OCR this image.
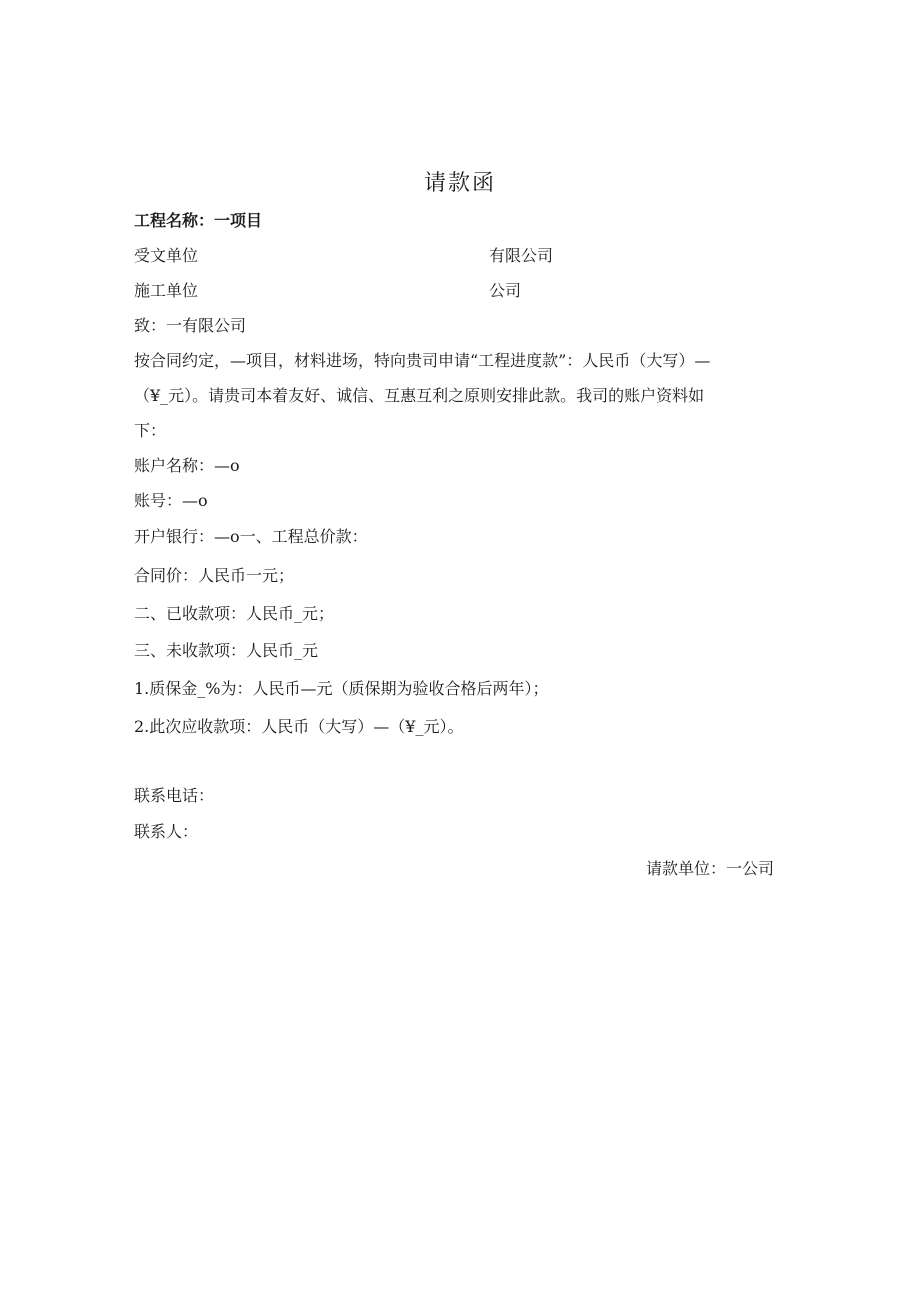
请款函
工程名称：一项目
受文单位	有限公司
施工单位	公司
致：一有限公司
按合同约定，—项目，材料进场，特向贵司申请“工程进度款”：人民币（大写）—
（¥_元）。请贵司本着友好、诚信、互惠互利之原则安排此款。我司的账户资料如
下：
账户名称：—o
账号：—o
开户银行：—o一、工程总价款：
合同价：人民币一元；
二、已收款项：人民币_元；
三、未收款项：人民币_元
1.质保金_%为：人民币—元（质保期为验收合格后两年）；
2.此次应收款项：人民币（大写）—（¥_元）。
联系电话：
联系人：
请款单位：一公司
